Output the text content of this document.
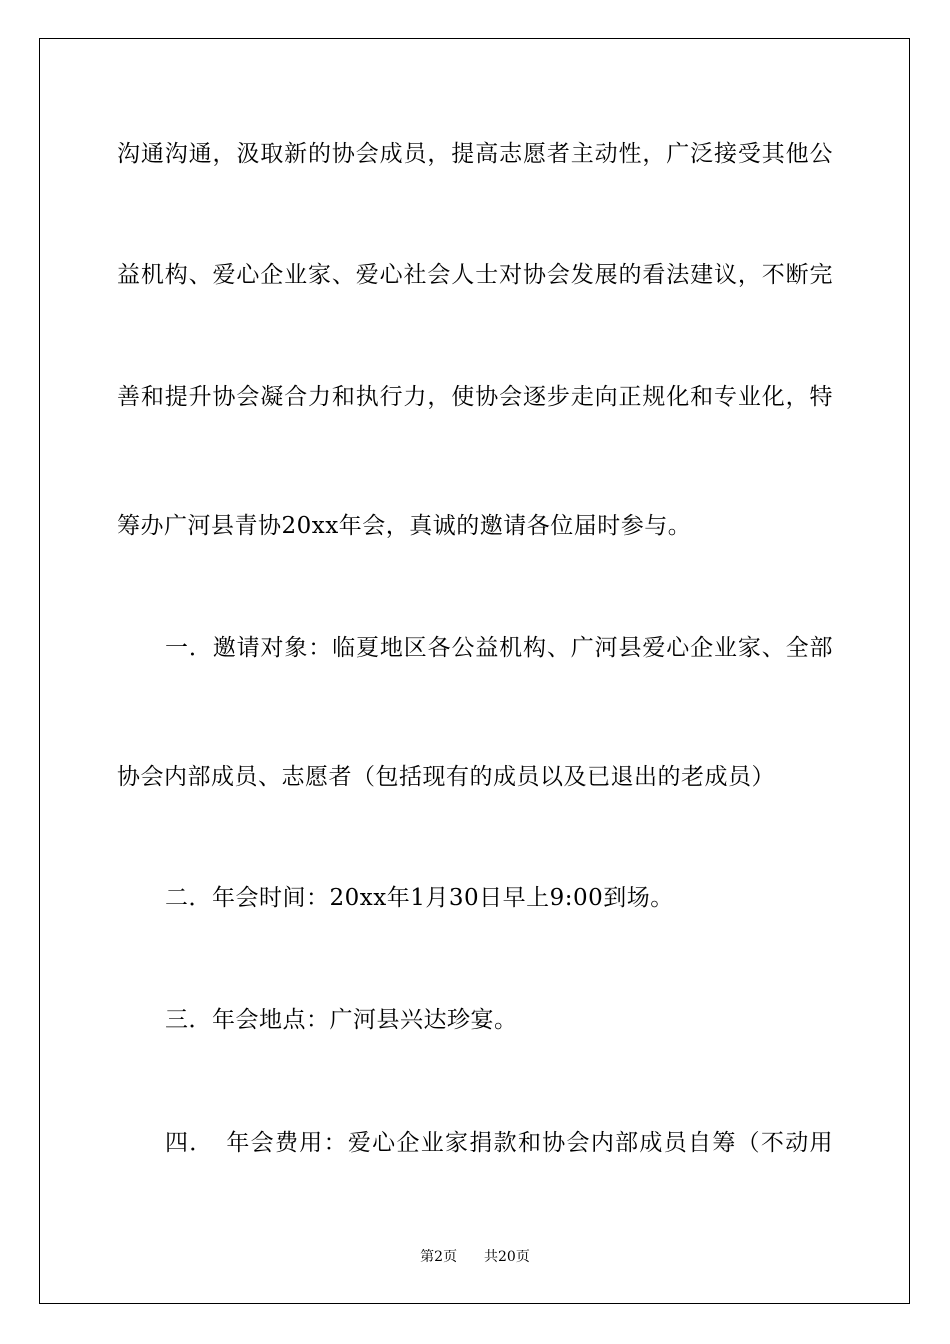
沟通沟通，汲取新的协会成员，提高志愿者主动性，广泛接受其他公
益机构、爱心企业家、爱心社会人士对协会发展的看法建议，不断完
善和提升协会凝合力和执行力，使协会逐步走向正规化和专业化，特
筹办广河县青协20xx年会，真诚的邀请各位届时参与。
一．邀请对象：临夏地区各公益机构、广河县爱心企业家、全部
协会内部成员、志愿者（包括现有的成员以及已退出的老成员）
二．年会时间：20xx年1月30日早上9:00到场。
三．年会地点：广河县兴达珍宴。
四．　年会费用：爱心企业家捐款和协会内部成员自筹（不动用
第2页 共20页
